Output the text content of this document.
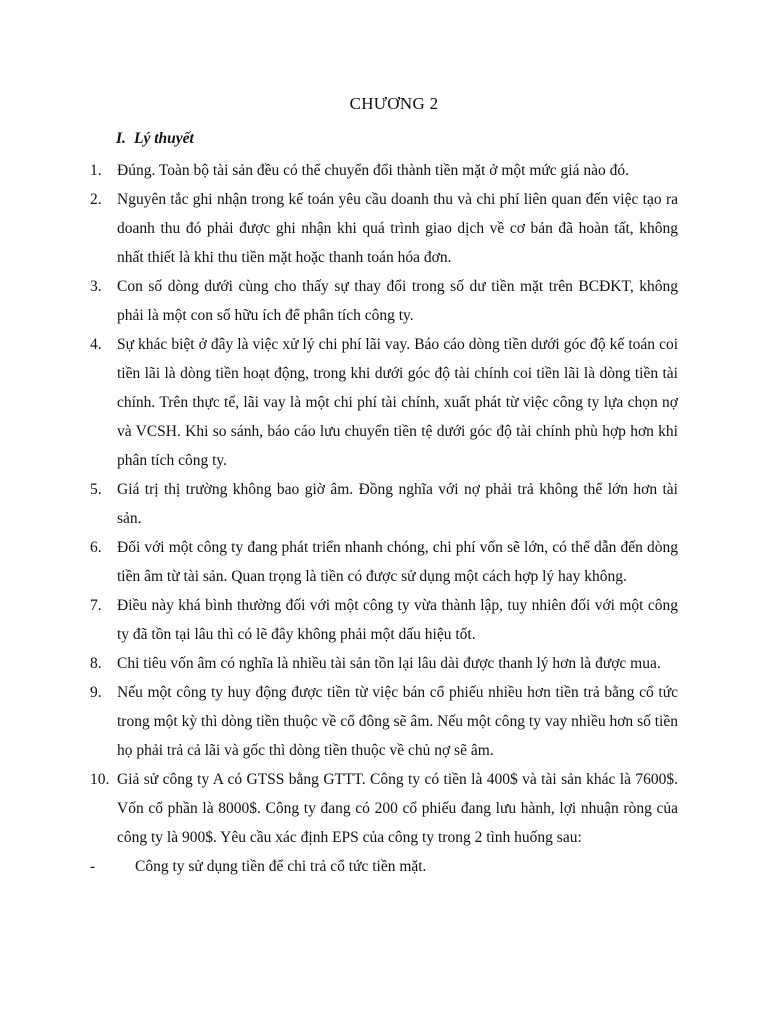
CHƯƠNG 2
I. Lý thuyết
1. Đúng. Toàn bộ tài sản đều có thể chuyển đổi thành tiền mặt ở một mức giá nào đó.
2. Nguyên tắc ghi nhận trong kế toán yêu cầu doanh thu và chi phí liên quan đến việc tạo ra doanh thu đó phải được ghi nhận khi quá trình giao dịch về cơ bản đã hoàn tất, không nhất thiết là khi thu tiền mặt hoặc thanh toán hóa đơn.
3. Con số dòng dưới cùng cho thấy sự thay đổi trong số dư tiền mặt trên BCĐKT, không phải là một con số hữu ích để phân tích công ty.
4. Sự khác biệt ở đây là việc xử lý chi phí lãi vay. Báo cáo dòng tiền dưới góc độ kế toán coi tiền lãi là dòng tiền hoạt động, trong khi dưới góc độ tài chính coi tiền lãi là dòng tiền tài chính. Trên thực tế, lãi vay là một chi phí tài chính, xuất phát từ việc công ty lựa chọn nợ và VCSH. Khi so sánh, báo cáo lưu chuyển tiền tệ dưới góc độ tài chính phù hợp hơn khi phân tích công ty.
5. Giá trị thị trường không bao giờ âm. Đồng nghĩa với nợ phải trả không thể lớn hơn tài sản.
6. Đối với một công ty đang phát triển nhanh chóng, chi phí vốn sẽ lớn, có thể dẫn đến dòng tiền âm từ tài sản. Quan trọng là tiền có được sử dụng một cách hợp lý hay không.
7. Điều này khá bình thường đối với một công ty vừa thành lập, tuy nhiên đối với một công ty đã tồn tại lâu thì có lẽ đây không phải một dấu hiệu tốt.
8. Chi tiêu vốn âm có nghĩa là nhiều tài sản tồn lại lâu dài được thanh lý hơn là được mua.
9. Nếu một công ty huy động được tiền từ việc bán cổ phiếu nhiều hơn tiền trả bằng cổ tức trong một kỳ thì dòng tiền thuộc về cổ đông sẽ âm. Nếu một công ty vay nhiều hơn số tiền họ phải trả cả lãi và gốc thì dòng tiền thuộc về chủ nợ sẽ âm.
10. Giả sử công ty A có GTSS bằng GTTT. Công ty có tiền là 400$ và tài sản khác là 7600$. Vốn cổ phần là 8000$. Công ty đang có 200 cổ phiếu đang lưu hành, lợi nhuận ròng của công ty là 900$. Yêu cầu xác định EPS của công ty trong 2 tình huống sau:
-	Công ty sử dụng tiền để chi trả cổ tức tiền mặt.
